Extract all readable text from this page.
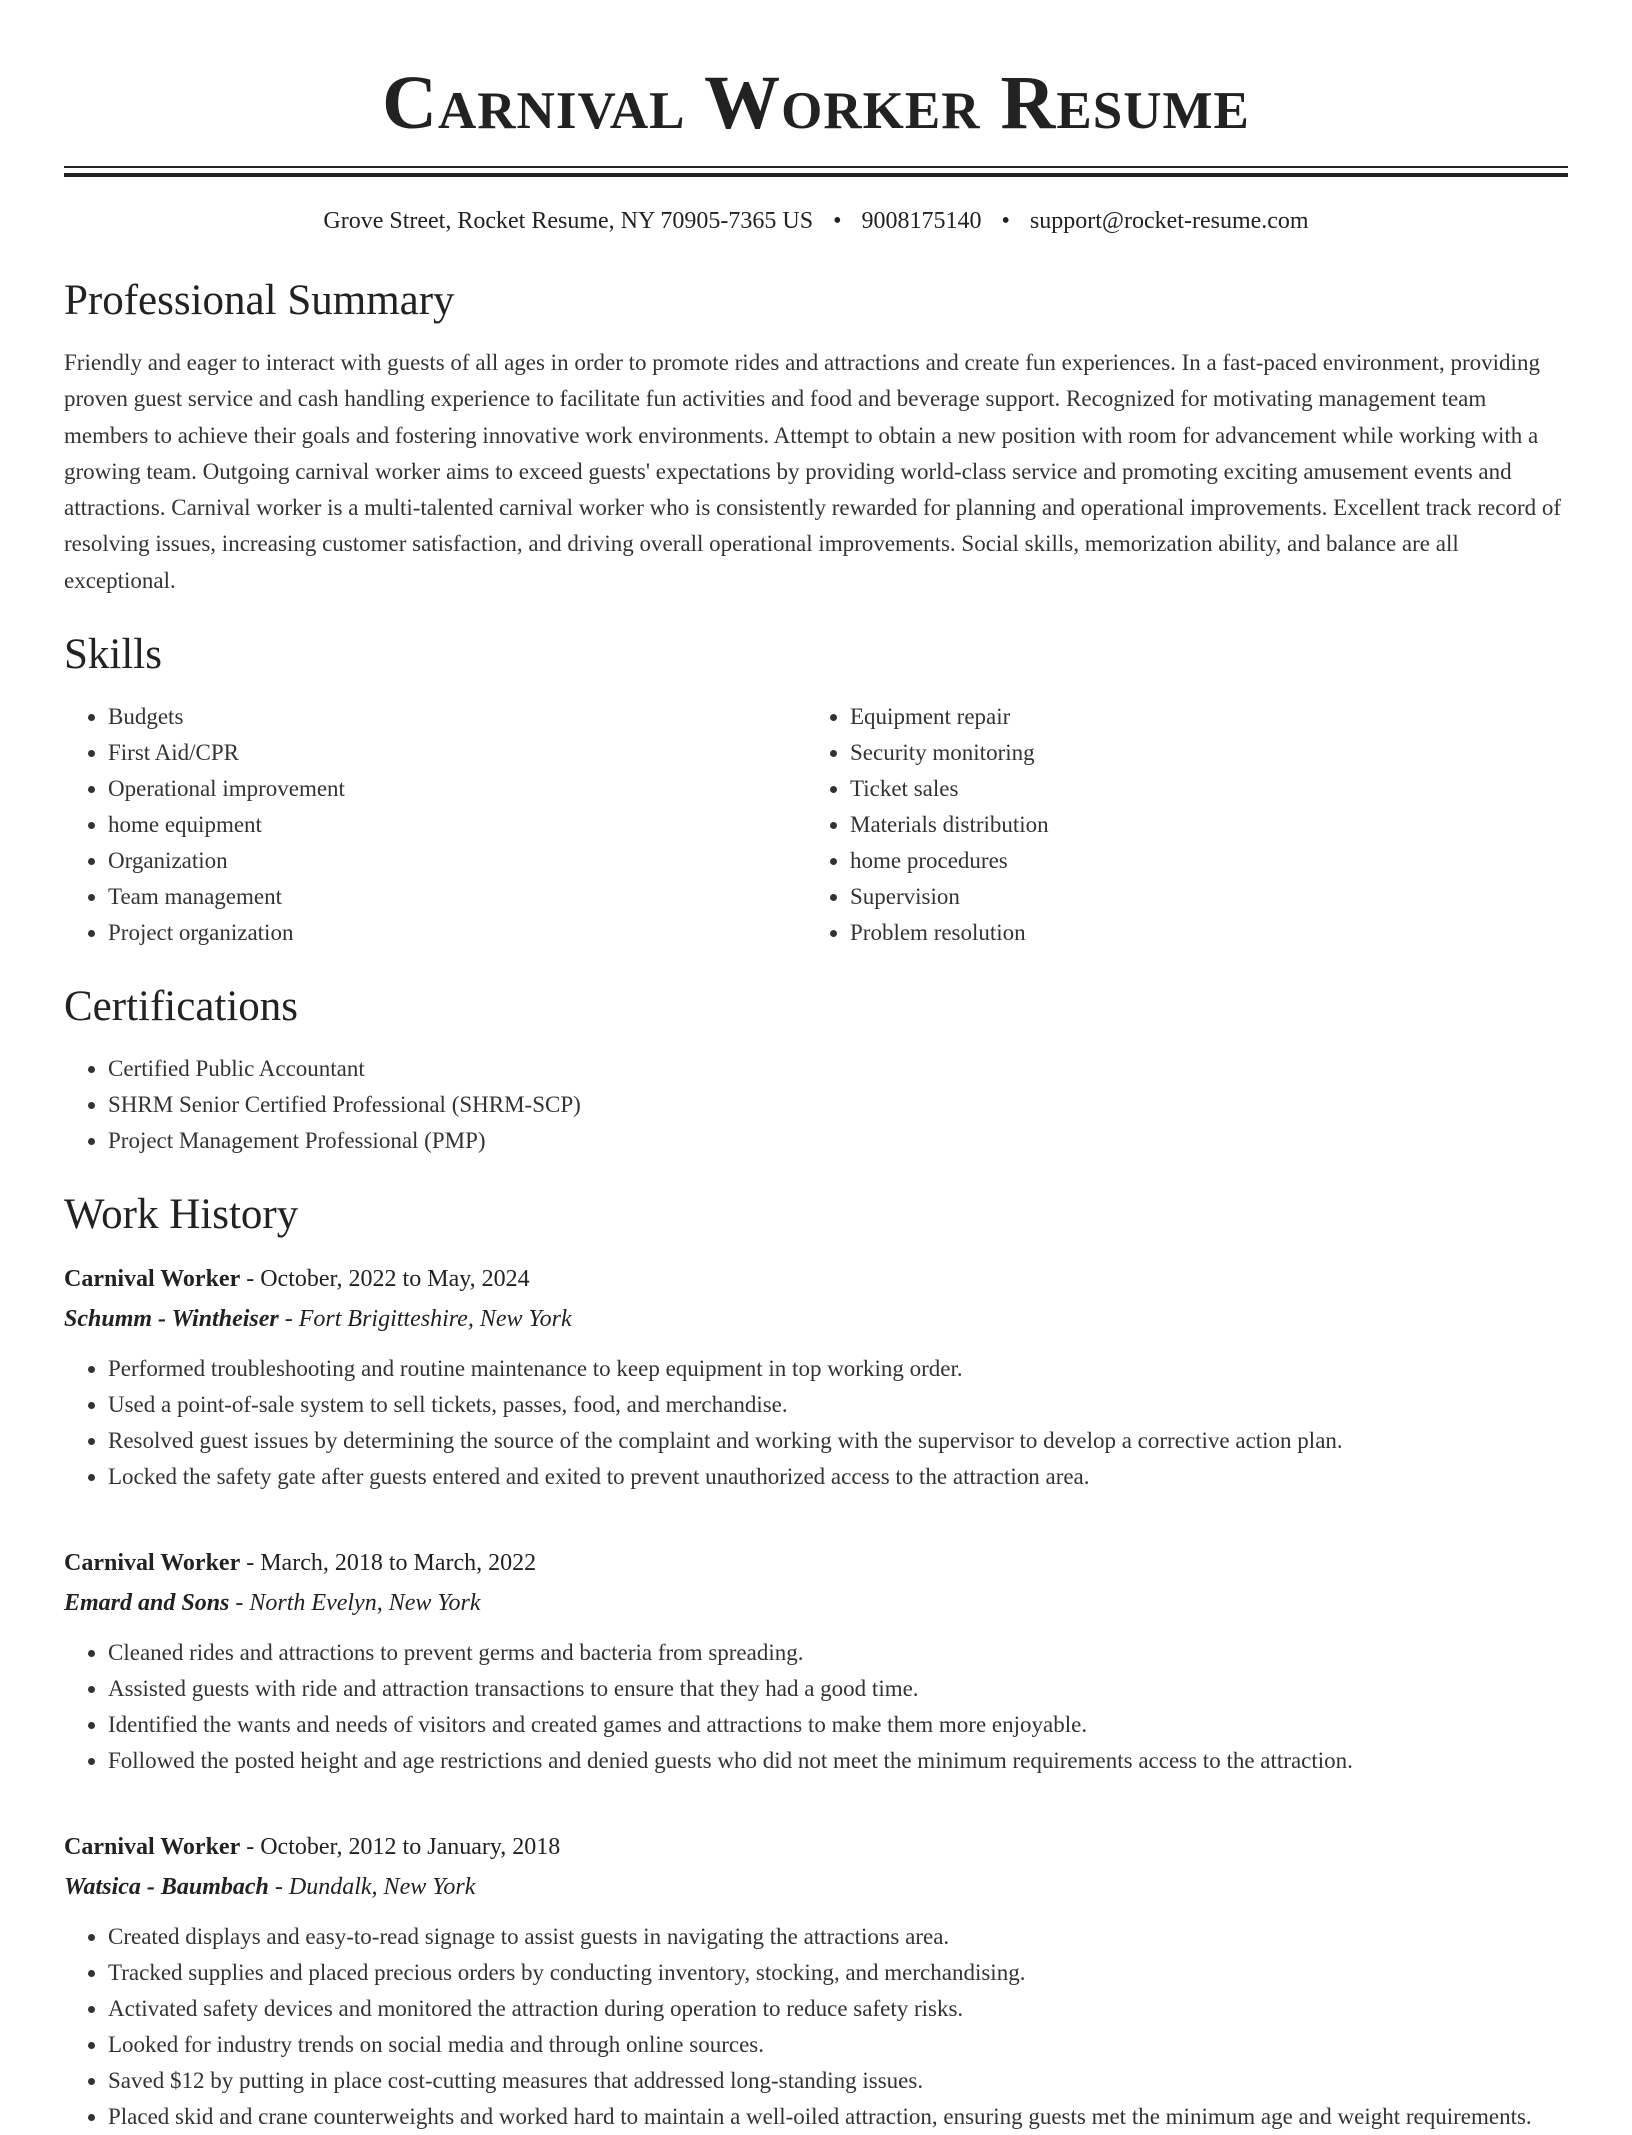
Carnival Worker Resume
Grove Street, Rocket Resume, NY 70905-7365 US • 9008175140 • support@rocket-resume.com
Professional Summary

Friendly and eager to interact with guests of all ages in order to promote rides and attractions and create fun experiences. In a fast-paced environment, providing proven guest service and cash handling experience to facilitate fun activities and food and beverage support. Recognized for motivating management team members to achieve their goals and fostering innovative work environments. Attempt to obtain a new position with room for advancement while working with a growing team. Outgoing carnival worker aims to exceed guests' expectations by providing world-class service and promoting exciting amusement events and attractions. Carnival worker is a multi-talented carnival worker who is consistently rewarded for planning and operational improvements. Excellent track record of resolving issues, increasing customer satisfaction, and driving overall operational improvements. Social skills, memorization ability, and balance are all exceptional.

Skills
• Budgets
• First Aid/CPR
• Operational improvement
• home equipment
• Organization
• Team management
• Project organization
• Equipment repair
• Security monitoring
• Ticket sales
• Materials distribution
• home procedures
• Supervision
• Problem resolution
Certifications
• Certified Public Accountant
• SHRM Senior Certified Professional (SHRM-SCP)
• Project Management Professional (PMP)
Work History
Carnival Worker - October, 2022 to May, 2024
Schumm - Wintheiser - Fort Brigitteshire, New York
• Performed troubleshooting and routine maintenance to keep equipment in top working order.
• Used a point-of-sale system to sell tickets, passes, food, and merchandise.
• Resolved guest issues by determining the source of the complaint and working with the supervisor to develop a corrective action plan.
• Locked the safety gate after guests entered and exited to prevent unauthorized access to the attraction area.
Carnival Worker - March, 2018 to March, 2022
Emard and Sons - North Evelyn, New York
• Cleaned rides and attractions to prevent germs and bacteria from spreading.
• Assisted guests with ride and attraction transactions to ensure that they had a good time.
• Identified the wants and needs of visitors and created games and attractions to make them more enjoyable.
• Followed the posted height and age restrictions and denied guests who did not meet the minimum requirements access to the attraction.
Carnival Worker - October, 2012 to January, 2018
Watsica - Baumbach - Dundalk, New York
• Created displays and easy-to-read signage to assist guests in navigating the attractions area.
• Tracked supplies and placed precious orders by conducting inventory, stocking, and merchandising.
• Activated safety devices and monitored the attraction during operation to reduce safety risks.
• Looked for industry trends on social media and through online sources.
• Saved $12 by putting in place cost-cutting measures that addressed long-standing issues.
• Placed skid and crane counterweights and worked hard to maintain a well-oiled attraction, ensuring guests met the minimum age and weight requirements.
